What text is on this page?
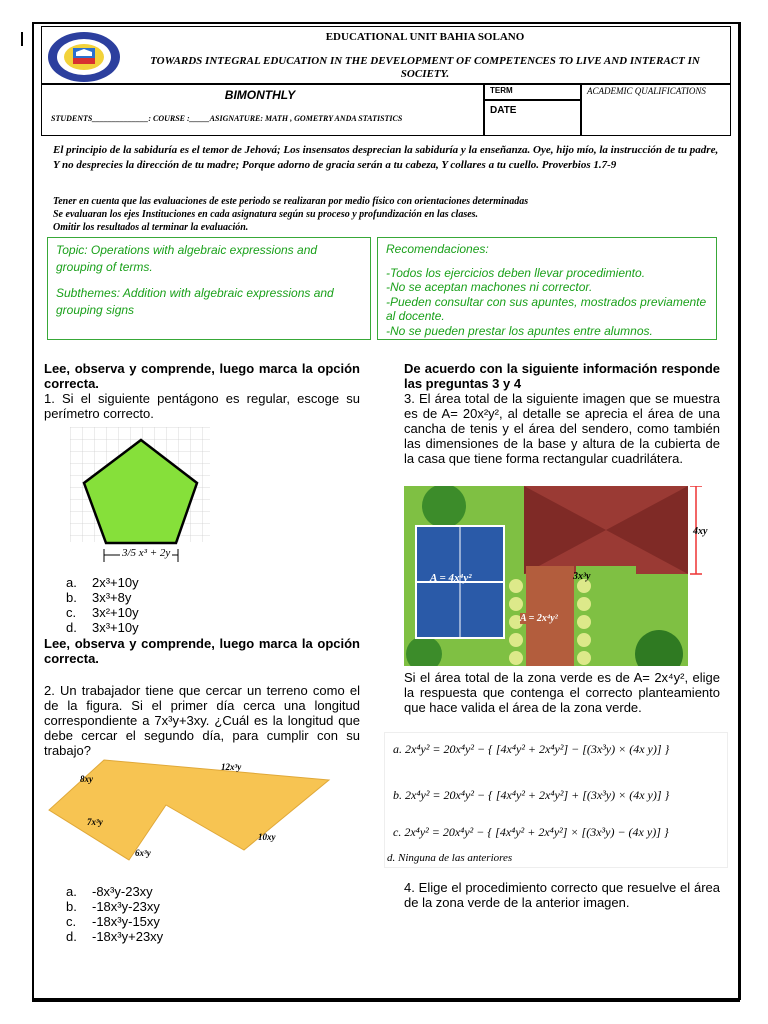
EDUCATIONAL UNIT BAHIA SOLANO
TOWARDS INTEGRAL EDUCATION IN THE DEVELOPMENT OF COMPETENCES TO LIVE AND INTERACT IN SOCIETY.
BIMONTHLY
STUDENTS______________: COURSE :_____ASIGNATURE: MATH , GOMETRY ANDA STATISTICS
TERM
DATE
ACADEMIC QUALIFICATIONS
El principio de la sabiduría es el temor de Jehová; Los insensatos desprecian la sabiduría y la enseñanza. Oye, hijo mío, la instrucción de tu padre, Y no desprecies la dirección de tu madre; Porque adorno de gracia serán a tu cabeza, Y collares a tu cuello. Proverbios 1.7-9
Tener en cuenta que las evaluaciones de este periodo se realizaran por medio físico con orientaciones determinadas
Se evaluaran los ejes Instituciones en cada asignatura según su proceso y profundización en las clases.
Omitir los resultados al terminar la evaluación.
Topic: Operations with algebraic expressions and grouping of terms.
Subthemes: Addition with algebraic expressions and grouping signs
Recomendaciones:
-Todos los ejercicios deben llevar procedimiento.
-No se aceptan machones ni corrector.
-Pueden consultar con sus apuntes, mostrados previamente al docente.
-No se pueden prestar los apuntes entre alumnos.
Lee, observa y comprende, luego marca la opción correcta.
1. Si el siguiente pentágono es regular, escoge su perímetro correcto.
3/5 x³ + 2y
a.	2x³+10y
b.	3x³+8y
c.	3x²+10y
d.	3x³+10y
Lee, observa y comprende, luego marca la opción correcta.
2. Un trabajador tiene que cercar un terreno como el de la figura. Si el primer día cerca una longitud correspondiente a 7x³y+3xy. ¿Cuál es la longitud que debe cercar el segundo día, para cumplir con su trabajo?
8xy
12x³y
7x³y
6x³y
10xy
a.	-8x³y-23xy
b.	-18x³y-23xy
c.	-18x³y-15xy
d.	-18x³y+23xy
De acuerdo con la siguiente información responde las preguntas 3 y 4
3. El área total de la siguiente imagen que se muestra es de A= 20x²y², al detalle se aprecia el área de una cancha de tenis y el área del sendero, como también las dimensiones de la base y altura de la cubierta de la casa que tiene forma rectangular cuadrilátera.
A = 4x⁴y²
A = 2x⁴y²
3x³y
4xy
Si el área total de la zona verde es de A= 2x⁴y², elige la respuesta que contenga el correcto planteamiento que hace valida el área de la zona verde.
a. 2x⁴y² = 20x⁴y² − { [4x⁴y² + 2x⁴y²] − [(3x³y) × (4x y)] }
b. 2x⁴y² = 20x⁴y² − { [4x⁴y² + 2x⁴y²] + [(3x³y) × (4x y)] }
c. 2x⁴y² = 20x⁴y² − { [4x⁴y² + 2x⁴y²] × [(3x³y) − (4x y)] }
d. Ninguna de las anteriores
4. Elige el procedimiento correcto que resuelve el área de la zona verde de la anterior imagen.
